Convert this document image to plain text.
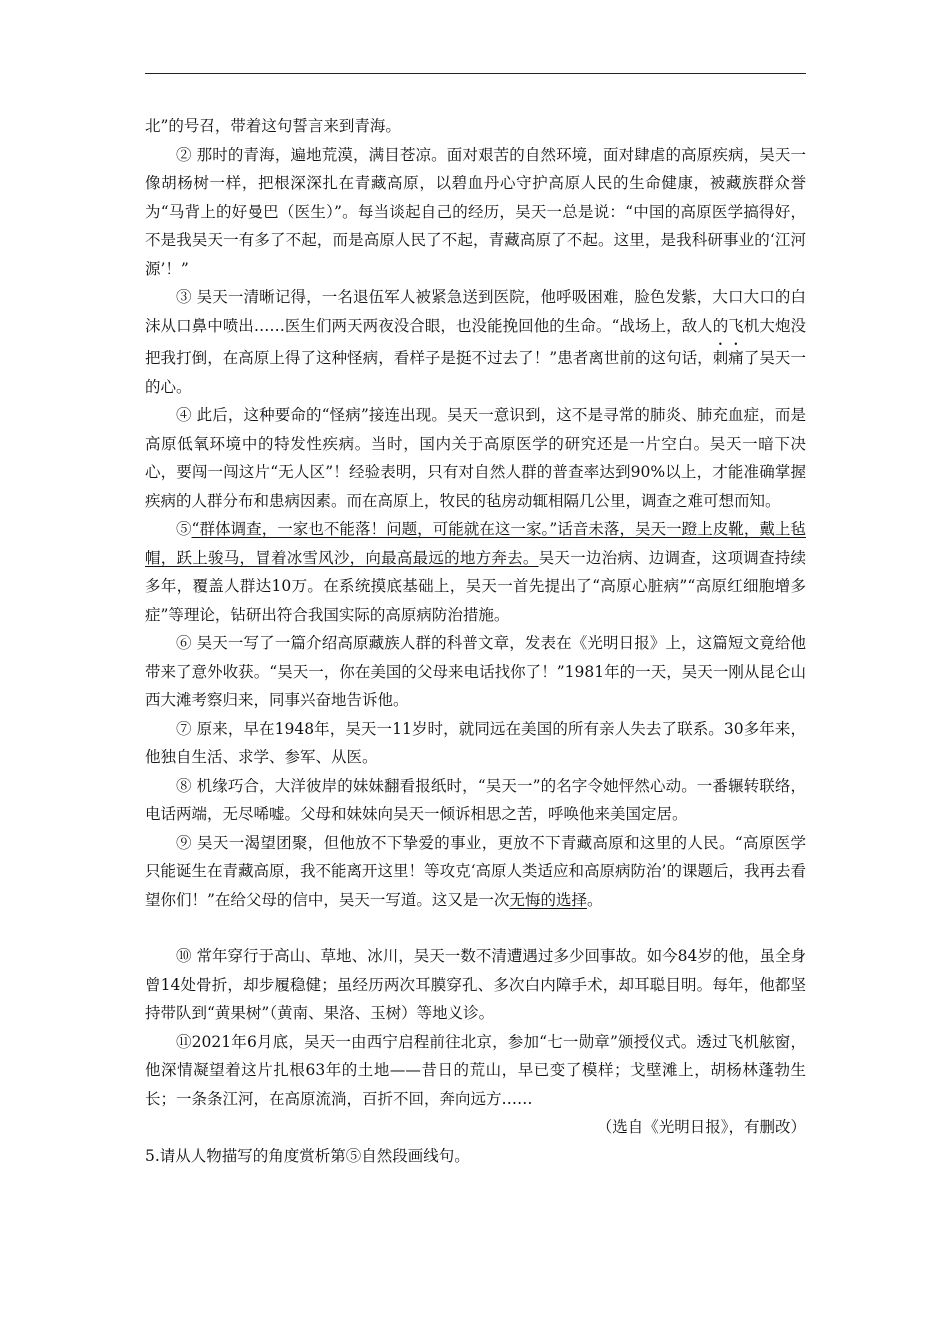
北”的号召，带着这句誓言来到青海。

② 那时的青海，遍地荒漠，满目苍凉。面对艰苦的自然环境，面对肆虐的高原疾病，吴天一像胡杨树一样，把根深深扎在青藏高原，以碧血丹心守护高原人民的生命健康，被藏族群众誉为“马背上的好曼巴（医生）”。每当谈起自己的经历，吴天一总是说：“中国的高原医学搞得好，不是我吴天一有多了不起，而是高原人民了不起，青藏高原了不起。这里，是我科研事业的‘江河源’！”

③ 吴天一清晰记得，一名退伍军人被紧急送到医院，他呼吸困难，脸色发紫，大口大口的白沫从口鼻中喷出……医生们两天两夜没合眼，也没能挽回他的生命。“战场上，敌人的飞机大炮没把我打倒，在高原上得了这种怪病，看样子是挺不过去了！”患者离世前的这句话，刺痛了吴天一的心。

④ 此后，这种要命的“怪病”接连出现。吴天一意识到，这不是寻常的肺炎、肺充血症，而是高原低氧环境中的特发性疾病。当时，国内关于高原医学的研究还是一片空白。吴天一暗下决心，要闯一闯这片“无人区”！经验表明，只有对自然人群的普查率达到90%以上，才能准确掌握疾病的人群分布和患病因素。而在高原上，牧民的毡房动辄相隔几公里，调查之难可想而知。

⑤“群体调查，一家也不能落！问题，可能就在这一家。”话音未落，吴天一蹬上皮靴，戴上毡帽，跃上骏马，冒着冰雪风沙，向最高最远的地方奔去。吴天一边治病、边调查，这项调查持续多年，覆盖人群达10万。在系统摸底基础上，吴天一首先提出了“高原心脏病”“高原红细胞增多症”等理论，钻研出符合我国实际的高原病防治措施。

⑥ 吴天一写了一篇介绍高原藏族人群的科普文章，发表在《光明日报》上，这篇短文竟给他带来了意外收获。“吴天一，你在美国的父母来电话找你了！”1981年的一天，吴天一刚从昆仑山西大滩考察归来，同事兴奋地告诉他。

⑦ 原来，早在1948年，吴天一11岁时，就同远在美国的所有亲人失去了联系。30多年来，他独自生活、求学、参军、从医。

⑧ 机缘巧合，大洋彼岸的妹妹翻看报纸时，“吴天一”的名字令她怦然心动。一番辗转联络，电话两端，无尽唏嘘。父母和妹妹向吴天一倾诉相思之苦，呼唤他来美国定居。

⑨ 吴天一渴望团聚，但他放不下挚爱的事业，更放不下青藏高原和这里的人民。“高原医学只能诞生在青藏高原，我不能离开这里！等攻克‘高原人类适应和高原病防治’的课题后，我再去看望你们！”在给父母的信中，吴天一写道。这又是一次无悔的选择。

⑩ 常年穿行于高山、草地、冰川，吴天一数不清遭遇过多少回事故。如今84岁的他，虽全身曾14处骨折，却步履稳健；虽经历两次耳膜穿孔、多次白内障手术，却耳聪目明。每年，他都坚持带队到“黄果树”（黄南、果洛、玉树）等地义诊。

⑪2021年6月底，吴天一由西宁启程前往北京，参加“七一勋章”颁授仪式。透过飞机舷窗，他深情凝望着这片扎根63年的土地——昔日的荒山，早已变了模样；戈壁滩上，胡杨林蓬勃生长；一条条江河，在高原流淌，百折不回，奔向远方……

（选自《光明日报》，有删改）

5.请从人物描写的角度赏析第⑤自然段画线句。
